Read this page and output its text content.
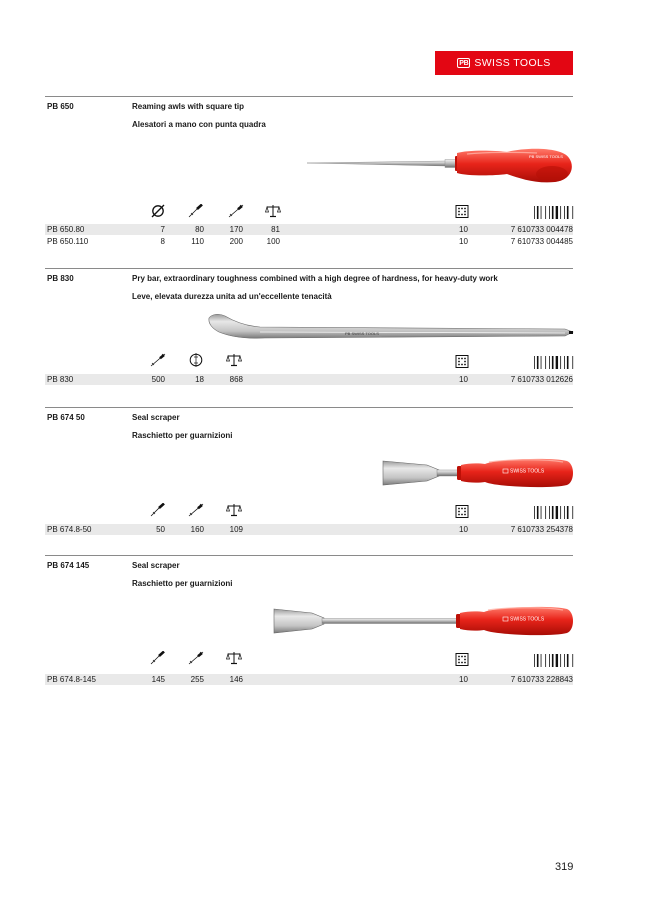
PB SWISS TOOLS
PB 650	Reaming awls with square tip
Alesatori a mano con punta quadra
PB SWISS TOOLS
PB 650.80	7	80	170	81	10	7 610733 004478
PB 650.110	8	110	200	100	10	7 610733 004485
PB 830	Pry bar, extraordinary toughness combined with a high degree of hardness, for heavy-duty work
Leve, elevata durezza unita ad un'eccellente tenacità
PB SWISS TOOLS
PB 830	500	18	868	10	7 610733 012626
PB 674 50	Seal scraper
Raschietto per guarnizioni
SWISS TOOLS
PB 674.8-50	50	160	109	10	7 610733 254378
PB 674 145	Seal scraper
Raschietto per guarnizioni
SWISS TOOLS
PB 674.8-145	145	255	146	10	7 610733 228843
319
